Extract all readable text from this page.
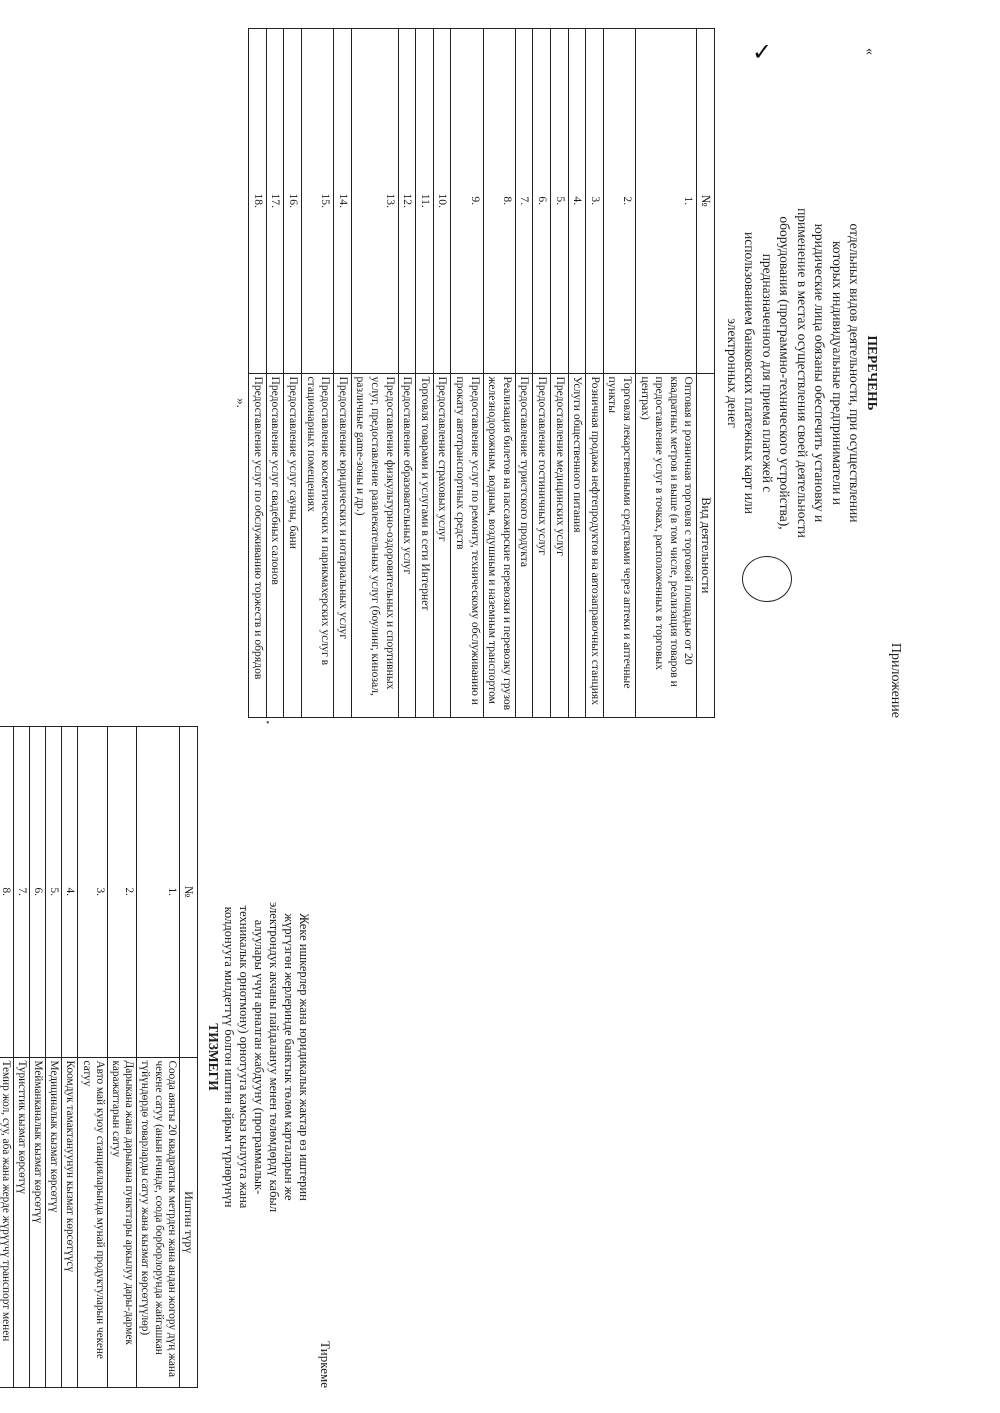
Тиркеме
Жеке ишкерлер жана юридикалык жактар өз иштерин
жүргүзгөн жерлеринде банктык төлөм карталарын же
электрондук акчаны пайдалануу менен төлөмдөрдү кабыл
алуулары үчүн арналган жабдууну (программалык-
техникалык орнотмону) орнотууга камсыз кылууга жана
колдонууга милдеттүү болгон иштин айрым түрлөрүнүн
ТИЗМЕГИ
№	Иштин түрү
1.	Соода аянты 20 квадраттык метрден жана андан жогору дүң жана чекене сатуу (анын ичинде, соода борборлорунда жайгашкан түйүндөрдө товарларды сатуу жана кызмат көрсөтүүлөр)
2.	Дарыкана жана дарыкана пункттары аркылуу дары-дармек каражаттарын сатуу
3.	Авто май куюу станцияларында мунай продуктуларын чекене сатуу
4.	Коомдук тамактануунун кызмат көрсөтүүсү
5.	Медициналык кызмат көрсөтүү
6.	Мейманканалык кызмат көрсөтүү
7.	Туристтик кызмат көрсөтүү
8.	Темир жол, суу, аба жана жерде жүрүүчү транспорт менен

Приложение
«
ПЕРЕЧЕНЬ
отдельных видов деятельности, при осуществлении
которых индивидуальные предприниматели и
юридические лица обязаны обеспечить установку и
применение в местах осуществления своей деятельности
оборудования (программно-технического устройства),
предназначенного для приема платежей с
использованием банковских платежных карт или
электронных денег
№	Вид деятельности
1.	Оптовая и розничная торговля с торговой площадью от 20 квадратных метров и выше (в том числе, реализация товаров и предоставление услуг в точках, расположенных в торговых центрах)
2.	Торговля лекарственными средствами через аптеки и аптечные пункты
3.	Розничная продажа нефтепродуктов на автозаправочных станциях
4.	Услуги общественного питания
5.	Предоставление медицинских услуг
6.	Предоставление гостиничных услуг
7.	Предоставление туристского продукта
8.	Реализация билетов на пассажирские перевозки и перевозку грузов железнодорожным, водным, воздушным и наземным транспортом
9.	Предоставление услуг по ремонту, техническому обслуживанию и прокату автотранспортных средств
10.	Предоставление страховых услуг
11.	Торговля товарами и услугами в сети Интернет
12.	Предоставление образовательных услуг
13.	Предоставление физкультурно-оздоровительных и спортивных услуг, предоставление развлекательных услуг (боулинг, кинозал, различные game-зоны и др.)
14.	Предоставление юридических и нотариальных услуг
15.	Предоставление косметических и парикмахерских услуг в стационарных помещениях
16.	Предоставление услуг сауны, бани
17.	Предоставление услуг свадебных салонов
18.	Предоставление услуг по обслуживанию торжеств и обрядов
».
✓
•
